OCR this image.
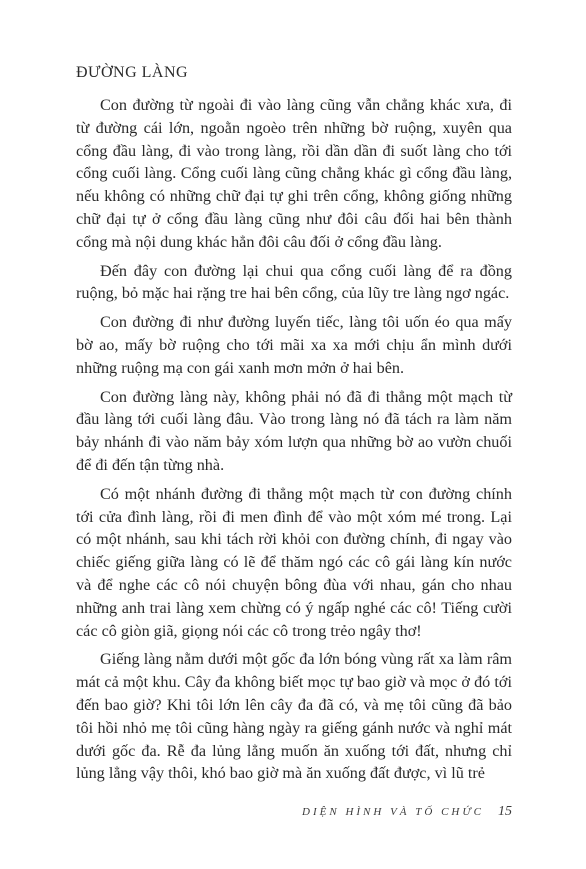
ĐƯỜNG LÀNG

Con đường từ ngoài đi vào làng cũng vẫn chẳng khác xưa, đi từ đường cái lớn, ngoằn ngoèo trên những bờ ruộng, xuyên qua cổng đầu làng, đi vào trong làng, rồi dần dần đi suốt làng cho tới cổng cuối làng. Cổng cuối làng cũng chẳng khác gì cổng đầu làng, nếu không có những chữ đại tự ghi trên cổng, không giống những chữ đại tự ở cổng đầu làng cũng như đôi câu đối hai bên thành cổng mà nội dung khác hẳn đôi câu đối ở cổng đầu làng.

Đến đây con đường lại chui qua cổng cuối làng để ra đồng ruộng, bỏ mặc hai rặng tre hai bên cổng, của lũy tre làng ngơ ngác.

Con đường đi như đường luyến tiếc, làng tôi uốn éo qua mấy bờ ao, mấy bờ ruộng cho tới mãi xa xa mới chịu ẩn mình dưới những ruộng mạ con gái xanh mơn mởn ở hai bên.

Con đường làng này, không phải nó đã đi thẳng một mạch từ đầu làng tới cuối làng đâu. Vào trong làng nó đã tách ra làm năm bảy nhánh đi vào năm bảy xóm lượn qua những bờ ao vườn chuối để đi đến tận từng nhà.

Có một nhánh đường đi thẳng một mạch từ con đường chính tới cửa đình làng, rồi đi men đình để vào một xóm mé trong. Lại có một nhánh, sau khi tách rời khỏi con đường chính, đi ngay vào chiếc giếng giữa làng có lẽ để thăm ngó các cô gái làng kín nước và để nghe các cô nói chuyện bông đùa với nhau, gán cho nhau những anh trai làng xem chừng có ý ngấp nghé các cô! Tiếng cười các cô giòn giã, giọng nói các cô trong trẻo ngây thơ!

Giếng làng nằm dưới một gốc đa lớn bóng vùng rất xa làm râm mát cả một khu. Cây đa không biết mọc tự bao giờ và mọc ở đó tới đến bao giờ? Khi tôi lớn lên cây đa đã có, và mẹ tôi cũng đã bảo tôi hồi nhỏ mẹ tôi cũng hàng ngày ra giếng gánh nước và nghỉ mát dưới gốc đa. Rễ đa lủng lẳng muốn ăn xuống tới đất, nhưng chỉ lủng lẳng vậy thôi, khó bao giờ mà ăn xuống đất được, vì lũ trẻ

DIỆN HÌNH VÀ TỐ CHỨC 15
